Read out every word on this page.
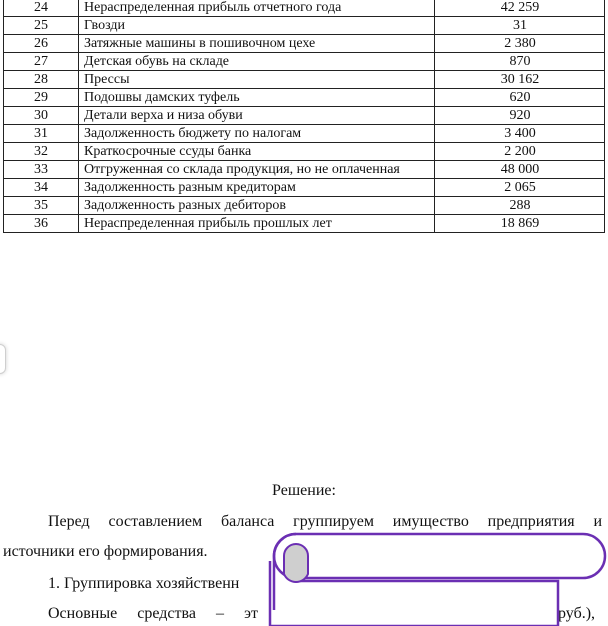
24	Нераспределенная прибыль отчетного года	42 259
25	Гвозди	31
26	Затяжные машины в пошивочном цехе	2 380
27	Детская обувь на складе	870
28	Прессы	30 162
29	Подошвы дамских туфель	620
30	Детали верха и низа обуви	920
31	Задолженность бюджету по налогам	3 400
32	Краткосрочные ссуды банка	2 200
33	Отгруженная со склада продукция, но не оплаченная	48 000
34	Задолженность разным кредиторам	2 065
35	Задолженность разных дебиторов	288
36	Нераспределенная прибыль прошлых лет	18 869

Решение:

Перед составлением баланса группируем имущество предприятия и

источники его формирования.

1. Группировка хозяйственн

Основные средства – эт	руб.),
